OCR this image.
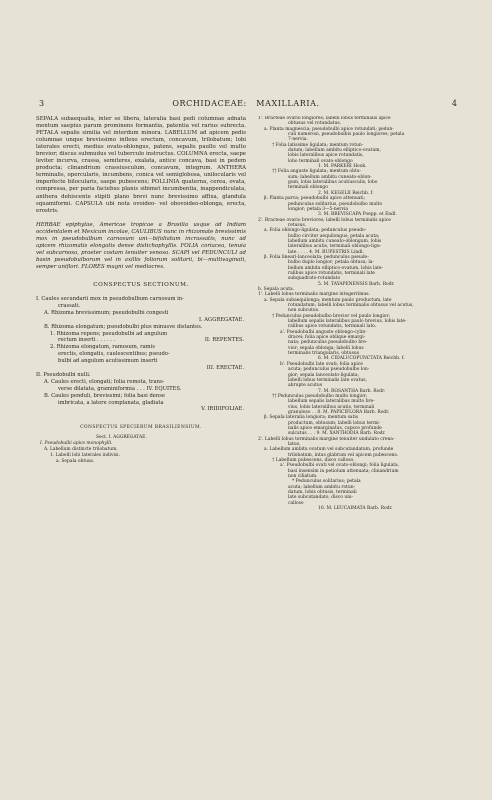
3	ORCHIDACEAE: MAXILLARIA.	4

SEPALA subaequalia, inter se libera, lateralia basi pedi columnae adnata mentum saepius parum prominens formantia, patentia vel rarius subrecta. PETALA sepalis similia vel interdum minora. LABELLUM ad apicem pedis columnae unque brevissimo inflexo erectum, concavum, trilobatum; lobi laterales erecti, medius ovato-oblongus, patens, sepalis paullo vel multo brevior; discus submudus vel tuberculo instructus. COLUMNA erecta, saepe leviter incurva, crassa, semiteres, exalata, antice concava, basi in pedem producta; clinandrium crassiusculum, concavum, integrum. ANTHERA terminalis, opercularis, incumbens, conica vel semiglobosa, unilocularis vel imperfecte bilocularis, saepe pubescens; POLLINIA quaterna, cerea, ovata, compressa, per paria faciebus planis sibimet incumbentia, inappendiculata, anthera dehiscente stipiti plano brevi nunc brevissimo affixa, glandula squamiformi. CAPSULA ubi nota ovoideo- vel obovoideo-oblonga, erecta, erostris.

HERBAE epiphytae, Americae tropicae a Brasilia usque ad Indiam occidentalem et Mexicum incolae, CAULIBUS nunc in rhizomate brevissimis mox in pseudobulbum carnosum uni—bifoliatum incrassatis, nunc ad apicem rhizomatis elongatis dense distichophyllis. FOLIA coriacea, tenuia vel subcarnosa, praeter costam tenuiter venosa. SCAPI vel PEDUNCULI ad basin pseudobulborum vel in axillis foliorum solitarii, bi—multivaginati, semper uniflori. FLORES magni vel mediocres.

CONSPECTUS SECTIONUM.
I. Caules secundarii mox in pseudobulbum carnosum in-
crassati.
A. Rhizoma brevissimum; pseudobulbi congesti

I. AGGREGATAE.
B. Rhizoma elongatum; pseudobulbi plus minusve distantes.
1. Rhizoma repens; pseudobulbi ad angulum
rectum inserti . . . . . .	II. REPENTES.
2. Rhizoma elongatum, ramosum, ramis
erectis, elongatis, caulescentibus; pseudo-
bulbi ad angulum acutissimum inserti

III. ERECTAE.
II. Pseudobulbi nulli.
A. Caules erecti, elongati; folia remota, trans-
verse dilatata, graminiformia . . . IV. EQUITES.
B. Caules penduli, brevissimi; folia basi dense
imbricata, a latere complanata, gladiata

V. IRIDIFOLIAE.
CONSPECTUS SPECIERUM BRASILIENSIUM.
Sect. I. AGGREGATAE.
I. Pseudobulbi apice monophylli.
A. Labellum distincte trilobatum.
1. Labelli lobi laterales indivisi.
a. Sepala obtusa.
1'. Bracteae ovario longiores; labelli lobus terminalis apice
obtusus vel rotundatus.
a. Planta magnescia; pseudobulbi apice rotundati; pedun-
culi numerosi, pseudobulbis paulo longiores; petala
7-nervia.
† Folia latissime ligulata; mentum rotun-
datum; labellum ambitu elliptico-ovatum,
lobis lateralibus apice rotundatis,
lobo terminali ovato-oblongo
1. M. PARKERI Hook.
†† Folia anguste ligulata; mentum obtu-
sum; labellum ambitu cuneato-oblon-
gum, lobis lateralibus acutiusculis, lobo
terminali oblongo
2. M. KEGELII Reichb. f.
β. Planta parva; pseudobulbi apice attenuati;
pedunculus solitarius, pseudobulbo multo
longior; petala 3—5-nervia
3. M. BREVISCAPA Poepp. et Endl.
2'. Bracteae ovario breviores; labelli lobus terminalis apice
retusus.
a. Folia oblongo-ligulata; pedunculus pseudo-
bulbo circiter aequilongus; petala acuta;
labellum ambitu cuneato-oblongum, lobis
lateralibus acutis, terminali oblongo-ligu-
late . . . . 4. M. RUPESTRIS Lindl.
β. Folia lineari-lanceolata; pedunculus pseudo-
bulbo duplo longior; petala obtusa; la-
bellum ambitu elliptico-ovatum, lobis late-
ralibus apice rotundatis, terminali late
subquadrato-rotundato
5. M. TAYAPENENSIS Barb. Rodr.
b. Sepala acuta.
1'. Labelli lobus terminalis margine integerrimus.
a. Sepala subaequilonga; mentum paulo productum, late
rotundatum; labelli lobus terminalis obtusus vel acutus,
non subcutus.
† Pedunculus pseudobulbo brevior vel paulo longior;
labellum sepalis lateralibus paulo brevius, lobis late-
ralibus apice rotundatis, terminali lato.
a'. Pseudobulbi anguste oblongo-cylin-
dracei; folia apice oblique emargi-
nata; pedunculus pseudobulbo bre-
vior; sepala oblonga; labelli lobus
terminalis triangularis, obtusus
6. M. CIDALUCOPUNCTATA Reichb. f.
b'. Pseudobulbi late ovati; folia apice
acuta; pedunculus pseudobulbo lon-
gior; sepala lanceolato-ligulata;
labelli lobus terminalis late ovatus,
abrupte acutus
7. M. ROSANTHA Barb. Rodr.
†† Pedunculus pseudobulbo multo longior;
labellum sepalis lateralibus multo bre-
vius, lobis lateralibus acutis, terminali
granuloso . . 8. M. PAPICIFLORA Barb. Rodr.
β. Sepala lateralia longiora; mentum satis
productum, obtusum; labelli lobus termi-
nalis apice emarginatus, capsce profunde
sulcatus . . . 9. M. XANTHODIA Barb. Rodr.
2'. Labelli lobus terminalis margine tenuiter undulato crena-
latus.
a. Labellum ambitu ovatum vel subcutandatum, profunde
trilobatum, intus glabrum vel apicem pubescens.
† Labellum pubescens, disco calloso.
a'. Pseudobulbi ovati vel ovato-oblongi; folia ligulata,
basi insensim in petiolum attenuata; clinandrium
non ciliatum.
* Pedunculus solitarius; petala
acuta; labellum ambitu rotun-
datum, lobis obtusis, terminali
late subcutandato, disco uni-
calloso
10. M. LEUCAIMATA Barb. Rodr.
